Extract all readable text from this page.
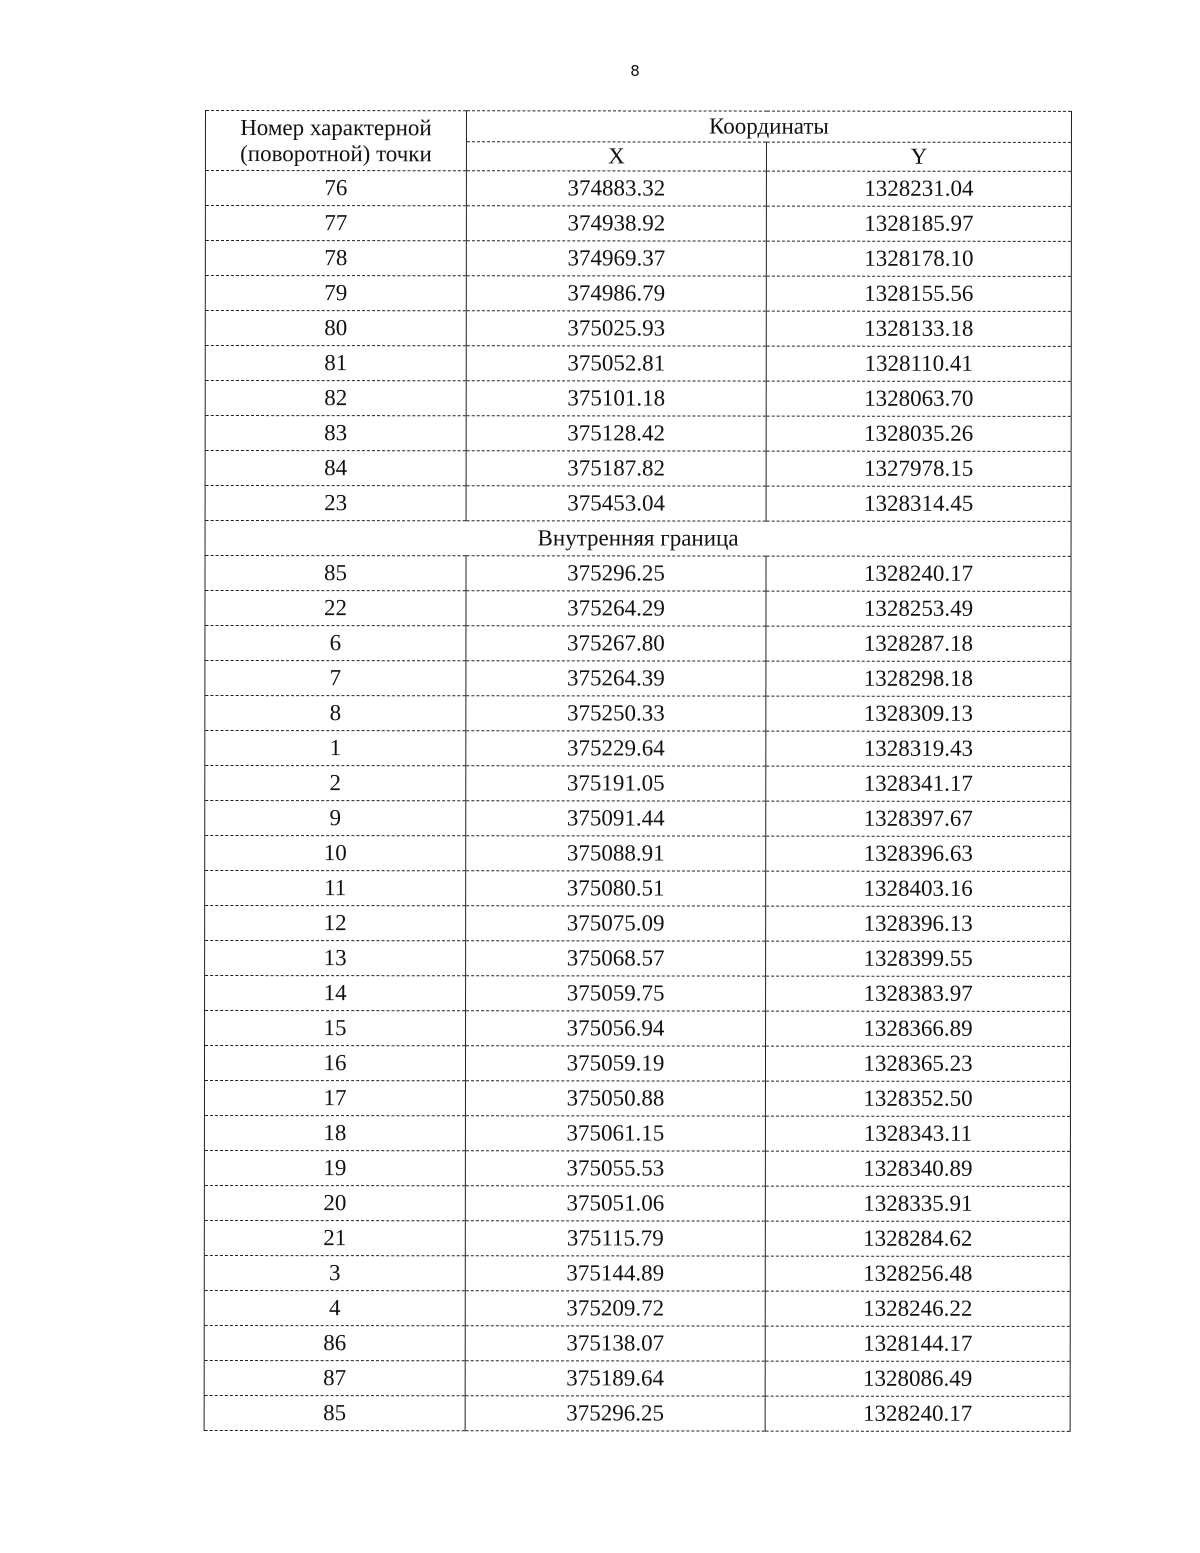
8
Номер характерной (поворотной) точки	Координаты	
	X	Y
76	374883.32	1328231.04
77	374938.92	1328185.97
78	374969.37	1328178.10
79	374986.79	1328155.56
80	375025.93	1328133.18
81	375052.81	1328110.41
82	375101.18	1328063.70
83	375128.42	1328035.26
84	375187.82	1327978.15
23	375453.04	1328314.45
Внутренняя граница		
85	375296.25	1328240.17
22	375264.29	1328253.49
6	375267.80	1328287.18
7	375264.39	1328298.18
8	375250.33	1328309.13
1	375229.64	1328319.43
2	375191.05	1328341.17
9	375091.44	1328397.67
10	375088.91	1328396.63
11	375080.51	1328403.16
12	375075.09	1328396.13
13	375068.57	1328399.55
14	375059.75	1328383.97
15	375056.94	1328366.89
16	375059.19	1328365.23
17	375050.88	1328352.50
18	375061.15	1328343.11
19	375055.53	1328340.89
20	375051.06	1328335.91
21	375115.79	1328284.62
3	375144.89	1328256.48
4	375209.72	1328246.22
86	375138.07	1328144.17
87	375189.64	1328086.49
85	375296.25	1328240.17
